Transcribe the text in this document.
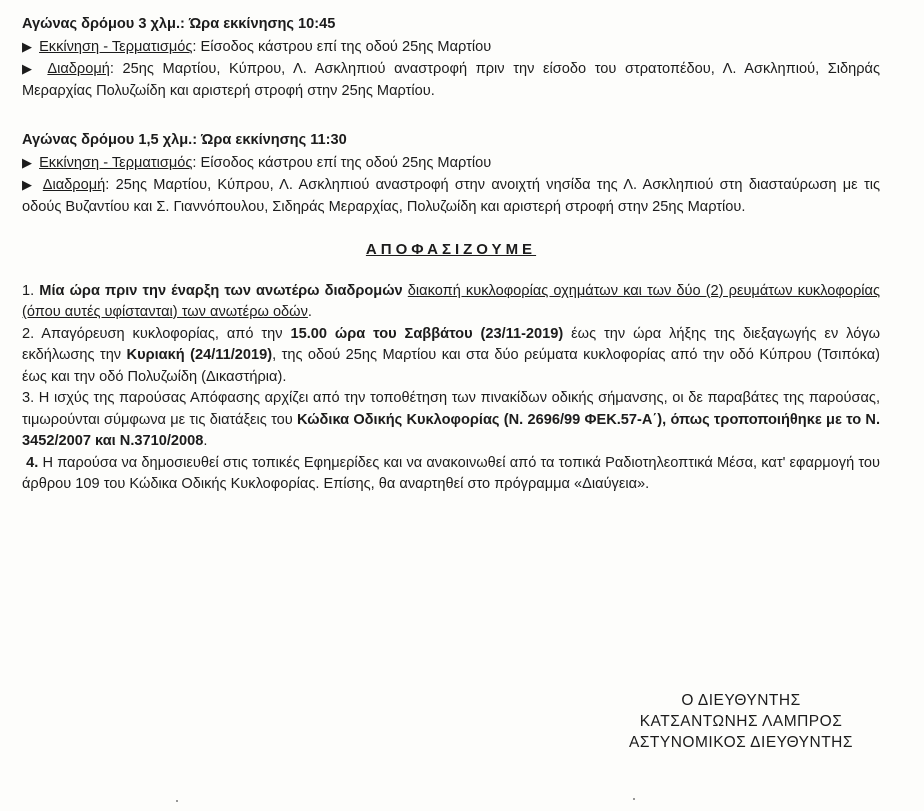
Αγώνας δρόμου 3 χλμ.: Ώρα εκκίνησης 10:45

▶ Εκκίνηση - Τερματισμός: Είσοδος κάστρου επί της οδού 25ης Μαρτίου

▶ Διαδρομή: 25ης Μαρτίου, Κύπρου, Λ. Ασκληπιού αναστροφή πριν την είσοδο του στρατοπέδου, Λ. Ασκληπιού, Σιδηράς Μεραρχίας Πολυζωίδη και αριστερή στροφή στην 25ης Μαρτίου.

Αγώνας δρόμου 1,5 χλμ.: Ώρα εκκίνησης 11:30

▶ Εκκίνηση - Τερματισμός: Είσοδος κάστρου επί της οδού 25ης Μαρτίου

▶ Διαδρομή: 25ης Μαρτίου, Κύπρου, Λ. Ασκληπιού αναστροφή στην ανοιχτή νησίδα της Λ. Ασκληπιού στη διασταύρωση με τις οδούς Βυζαντίου και Σ. Γιαννόπουλου, Σιδηράς Μεραρχίας, Πολυζωίδη και αριστερή στροφή στην 25ης Μαρτίου.

ΑΠΟΦΑΣΙΖΟΥΜΕ

1. Μία ώρα πριν την έναρξη των ανωτέρω διαδρομών διακοπή κυκλοφορίας οχημάτων και των δύο (2) ρευμάτων κυκλοφορίας (όπου αυτές υφίστανται) των ανωτέρω οδών.

2. Απαγόρευση κυκλοφορίας, από την 15.00 ώρα του Σαββάτου (23/11-2019) έως την ώρα λήξης της διεξαγωγής εν λόγω εκδήλωσης την Κυριακή (24/11/2019), της οδού 25ης Μαρτίου και στα δύο ρεύματα κυκλοφορίας από την οδό Κύπρου (Τσιπόκα) έως και την οδό Πολυζωίδη (Δικαστήρια).

3. Η ισχύς της παρούσας Απόφασης αρχίζει από την τοποθέτηση των πινακίδων οδικής σήμανσης, οι δε παραβάτες της παρούσας, τιμωρούνται σύμφωνα με τις διατάξεις του Κώδικα Οδικής Κυκλοφορίας (Ν. 2696/99 ΦΕΚ.57-Α΄), όπως τροποποιήθηκε με το Ν. 3452/2007 και Ν.3710/2008.

4. Η παρούσα να δημοσιευθεί στις τοπικές Εφημερίδες και να ανακοινωθεί από τα τοπικά Ραδιοτηλεοπτικά Μέσα, κατ' εφαρμογή του άρθρου 109 του Κώδικα Οδικής Κυκλοφορίας. Επίσης, θα αναρτηθεί στο πρόγραμμα «Διαύγεια».

Ο ΔΙΕΥΘΥΝΤΗΣ
ΚΑΤΣΑΝΤΩΝΗΣ ΛΑΜΠΡΟΣ
ΑΣΤΥΝΟΜΙΚΟΣ ΔΙΕΥΘΥΝΤΗΣ
